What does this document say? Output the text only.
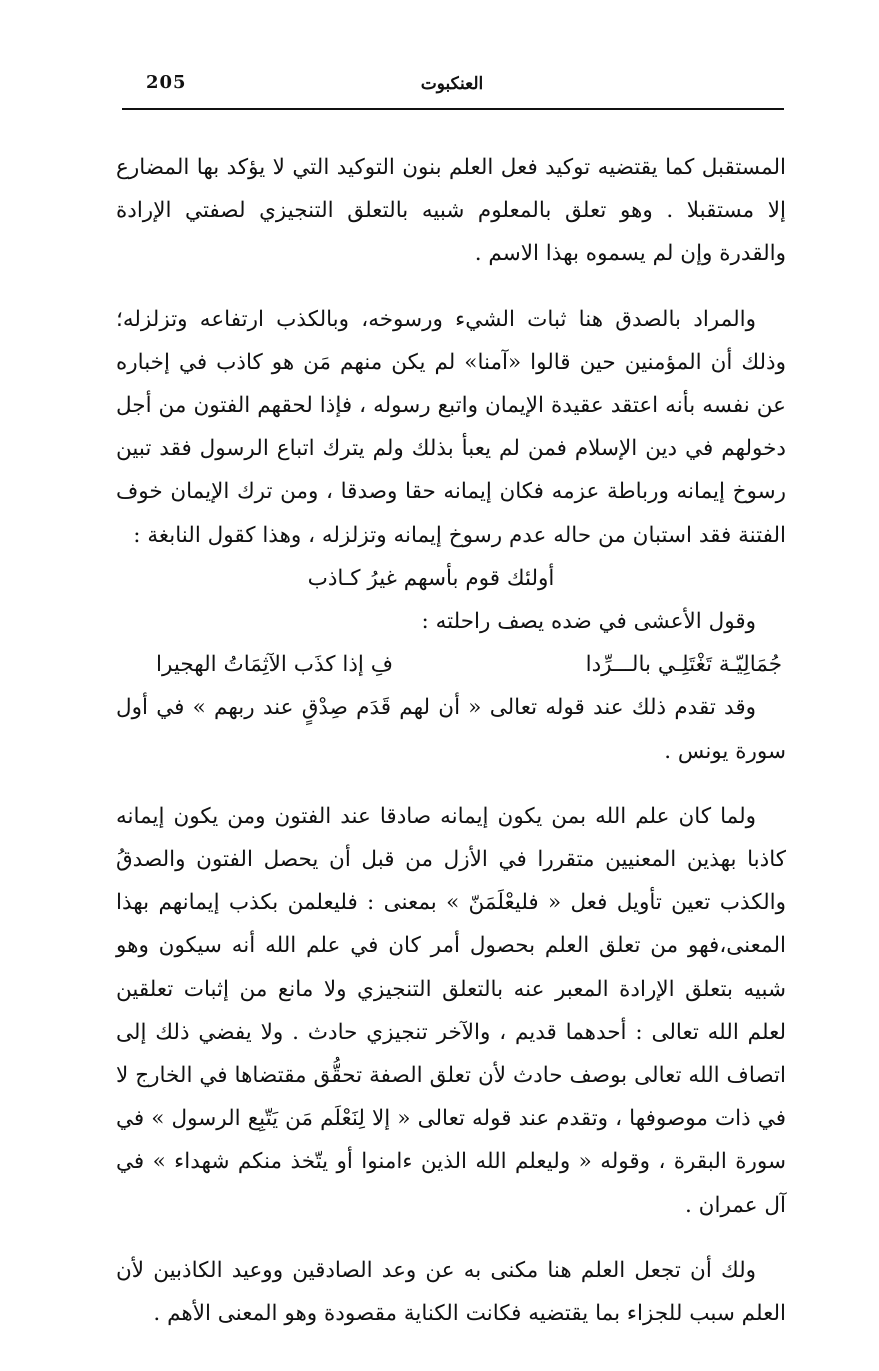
205	العنكبوت

المستقبل كما يقتضيه توكيد فعل العلم بنون التوكيد التي لا يؤكد بها المضارع إلا مستقبلا . وهو تعلق بالمعلوم شبيه بالتعلق التنجيزي لصفتي الإرادة والقدرة وإن لم يسموه بهذا الاسم .

والمراد بالصدق هنا ثبات الشيء ورسوخه، وبالكذب ارتفاعه وتزلزله؛ وذلك أن المؤمنين حين قالوا «آمنا» لم يكن منهم مَن هو كاذب في إخباره عن نفسه بأنه اعتقد عقيدة الإيمان واتبع رسوله ، فإذا لحقهم الفتون من أجل دخولهم في دين الإسلام فمن لم يعبأ بذلك ولم يترك اتباع الرسول فقد تبين رسوخ إيمانه ورباطة عزمه فكان إيمانه حقا وصدقا ، ومن ترك الإيمان خوف الفتنة فقد استبان من حاله عدم رسوخ إيمانه وتزلزله ، وهذا كقول النابغة :

أولئك قوم بأسهم غيرُ كـاذب

وقول الأعشى في ضده يصف راحلته :

جُمَالِيّـة تَغْتَلِـي بالـــرِّدا
فِ إذا كذَب الآثِمَاتُ الهجيرا

وقد تقدم ذلك عند قوله تعالى « أن لهم قَدَم صِدْقٍ عند ربهم » في أول سورة يونس .

ولما كان علم الله بمن يكون إيمانه صادقا عند الفتون ومن يكون إيمانه كاذبا بهذين المعنيين متقررا في الأزل من قبل أن يحصل الفتون والصدقُ والكذب تعين تأويل فعل « فليعْلَمَنّ » بمعنى : فليعلمن بكذب إيمانهم بهذا المعنى،فهو من تعلق العلم بحصول أمر كان في علم الله أنه سيكون وهو شبيه بتعلق الإرادة المعبر عنه بالتعلق التنجيزي ولا مانع من إثبات تعلقين لعلم الله تعالى : أحدهما قديم ، والآخر تنجيزي حادث . ولا يفضي ذلك إلى اتصاف الله تعالى بوصف حادث لأن تعلق الصفة تحقُّق مقتضاها في الخارج لا في ذات موصوفها ، وتقدم عند قوله تعالى « إلا لِنَعْلَم مَن يَتّبِع الرسول » في سورة البقرة ، وقوله « وليعلم الله الذين ءامنوا أو يتّخذ منكم شهداء » في آل عمران .

ولك أن تجعل العلم هنا مكنى به عن وعد الصادقين ووعيد الكاذبين لأن العلم سبب للجزاء بما يقتضيه فكانت الكناية مقصودة وهو المعنى الأهم .
